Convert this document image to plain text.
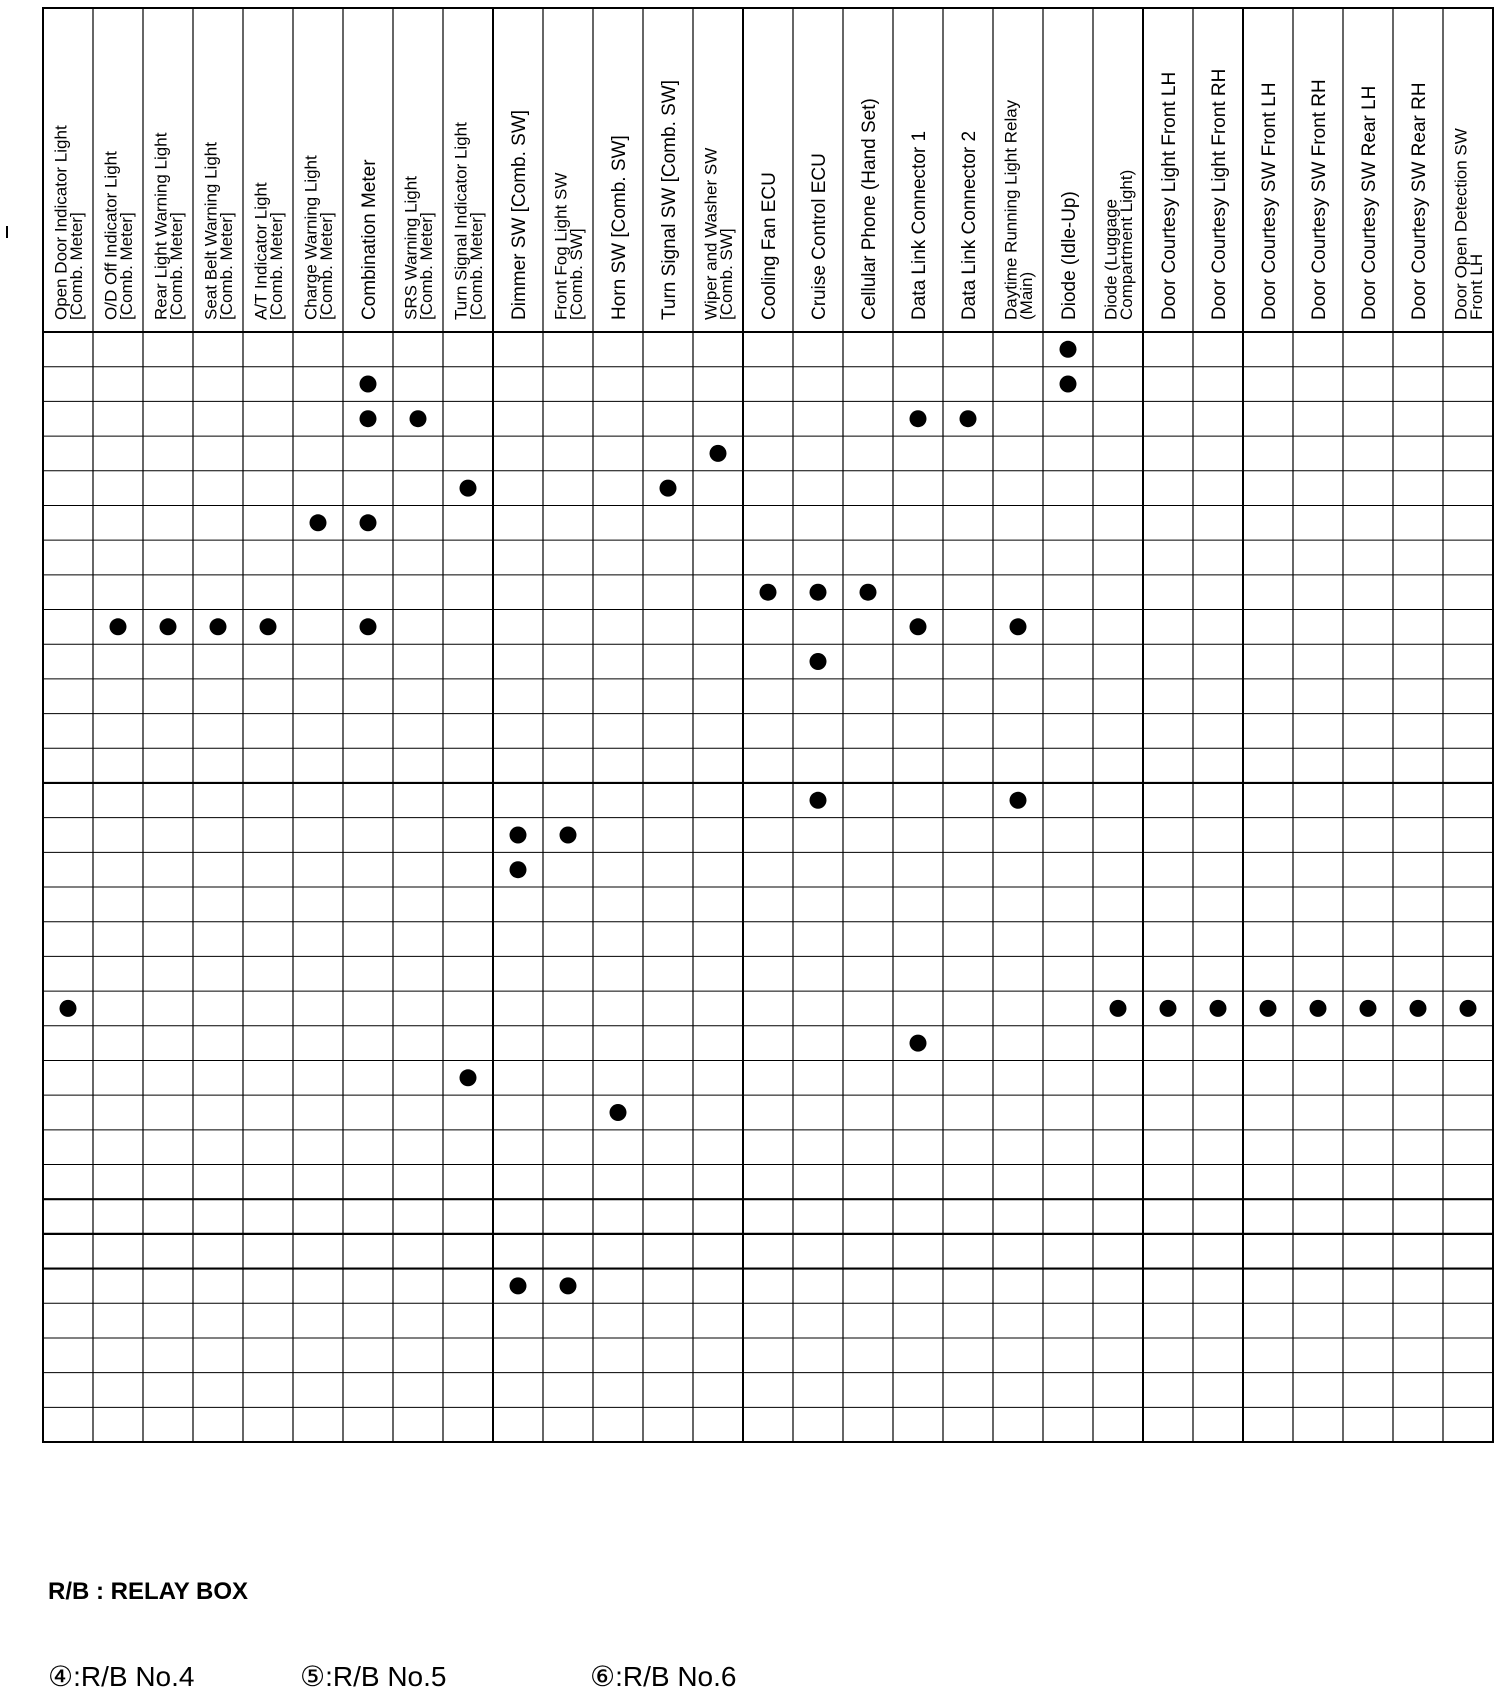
Open Door Indicator Light
[Comb. Meter] O/D Off Indicator Light
[Comb. Meter] Rear Light Warning Light
[Comb. Meter] Seat Belt Warning Light
[Comb. Meter] A/T Indicator Light
[Comb. Meter] Charge Warning Light
[Comb. Meter] Combination Meter SRS Warning Light
[Comb. Meter] Turn Signal Indicator Light
[Comb. Meter] Dimmer SW [Comb. SW] Front Fog Light SW
[Comb. SW] Horn SW [Comb. SW] Turn Signal SW [Comb. SW] Wiper and Washer SW
[Comb. SW] Cooling Fan ECU Cruise Control ECU Cellular Phone (Hand Set) Data Link Connector 1 Data Link Connector 2 Daytime Running Light Relay
(Main) Diode (Idle-Up) Diode (Luggage
Compartment Light) Door Courtesy Light Front LH Door Courtesy Light Front RH Door Courtesy SW Front LH Door Courtesy SW Front RH Door Courtesy SW Rear LH Door Courtesy SW Rear RH Door Open Detection SW
Front LH
R/B : RELAY BOX
④:R/B No.4	⑤:R/B No.5	⑥:R/B No.6
